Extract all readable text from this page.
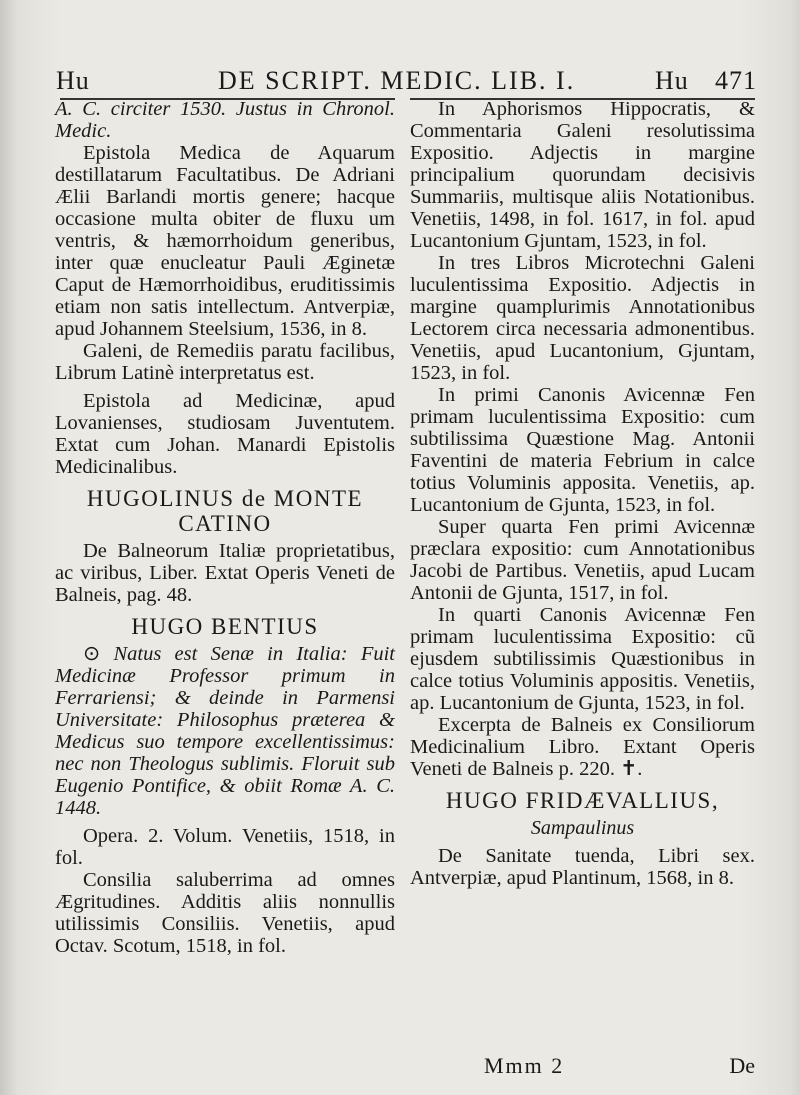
Hu	DE SCRIPT. MEDIC. LIB. I.	Hu 471

A. C. circiter 1530. Justus in Chronol. Medic.

Epistola Medica de Aquarum destillatarum Facultatibus. De Adriani Ælii Barlandi mortis genere; hacque occasione multa obiter de fluxu um ventris, & hæmorrhoidum generibus, inter quæ enucleatur Pauli Æginetæ Caput de Hæmorrhoidibus, eruditissimis etiam non satis intellectum. Antverpiæ, apud Johannem Steelsium, 1536, in 8.

Galeni, de Remediis paratu facilibus, Librum Latinè interpretatus est.

Epistola ad Medicinæ, apud Lovanienses, studiosam Juventutem. Extat cum Johan. Manardi Epistolis Medicinalibus.

HUGOLINUS de MONTE CATINO

De Balneorum Italiæ proprietatibus, ac viribus, Liber. Extat Operis Veneti de Balneis, pag. 48.

HUGO BENTIUS

⊙ Natus est Senæ in Italia: Fuit Medicinæ Professor primum in Ferrariensi; & deinde in Parmensi Universitate: Philosophus præterea & Medicus suo tempore excellentissimus: nec non Theologus sublimis. Floruit sub Eugenio Pontifice, & obiit Romæ A. C. 1448.

Opera. 2. Volum. Venetiis, 1518, in fol.

Consilia saluberrima ad omnes Ægritudines. Additis aliis nonnullis utilissimis Consiliis. Venetiis, apud Octav. Scotum, 1518, in fol.

In Aphorismos Hippocratis, & Commentaria Galeni resolutissima Expositio. Adjectis in margine principalium quorundam decisivis Summariis, multisque aliis Notationibus. Venetiis, 1498, in fol. 1617, in fol. apud Lucantonium Gjuntam, 1523, in fol.

In tres Libros Microtechni Galeni luculentissima Expositio. Adjectis in margine quamplurimis Annotationibus Lectorem circa necessaria admonentibus. Venetiis, apud Lucantonium, Gjuntam, 1523, in fol.

In primi Canonis Avicennæ Fen primam luculentissima Expositio: cum subtilissima Quæstione Mag. Antonii Faventini de materia Febrium in calce totius Voluminis apposita. Venetiis, ap. Lucantonium de Gjunta, 1523, in fol.

Super quarta Fen primi Avicennæ præclara expositio: cum Annotationibus Jacobi de Partibus. Venetiis, apud Lucam Antonii de Gjunta, 1517, in fol.

In quarti Canonis Avicennæ Fen primam luculentissima Expositio: cũ ejusdem subtilissimis Quæstionibus in calce totius Voluminis appositis. Venetiis, ap. Lucantonium de Gjunta, 1523, in fol.

Excerpta de Balneis ex Consiliorum Medicinalium Libro. Extant Operis Veneti de Balneis p. 220. ✝.

HUGO FRIDÆVALLIUS,
Sampaulinus

De Sanitate tuenda, Libri sex. Antverpiæ, apud Plantinum, 1568, in 8.

Mmm 2	De
